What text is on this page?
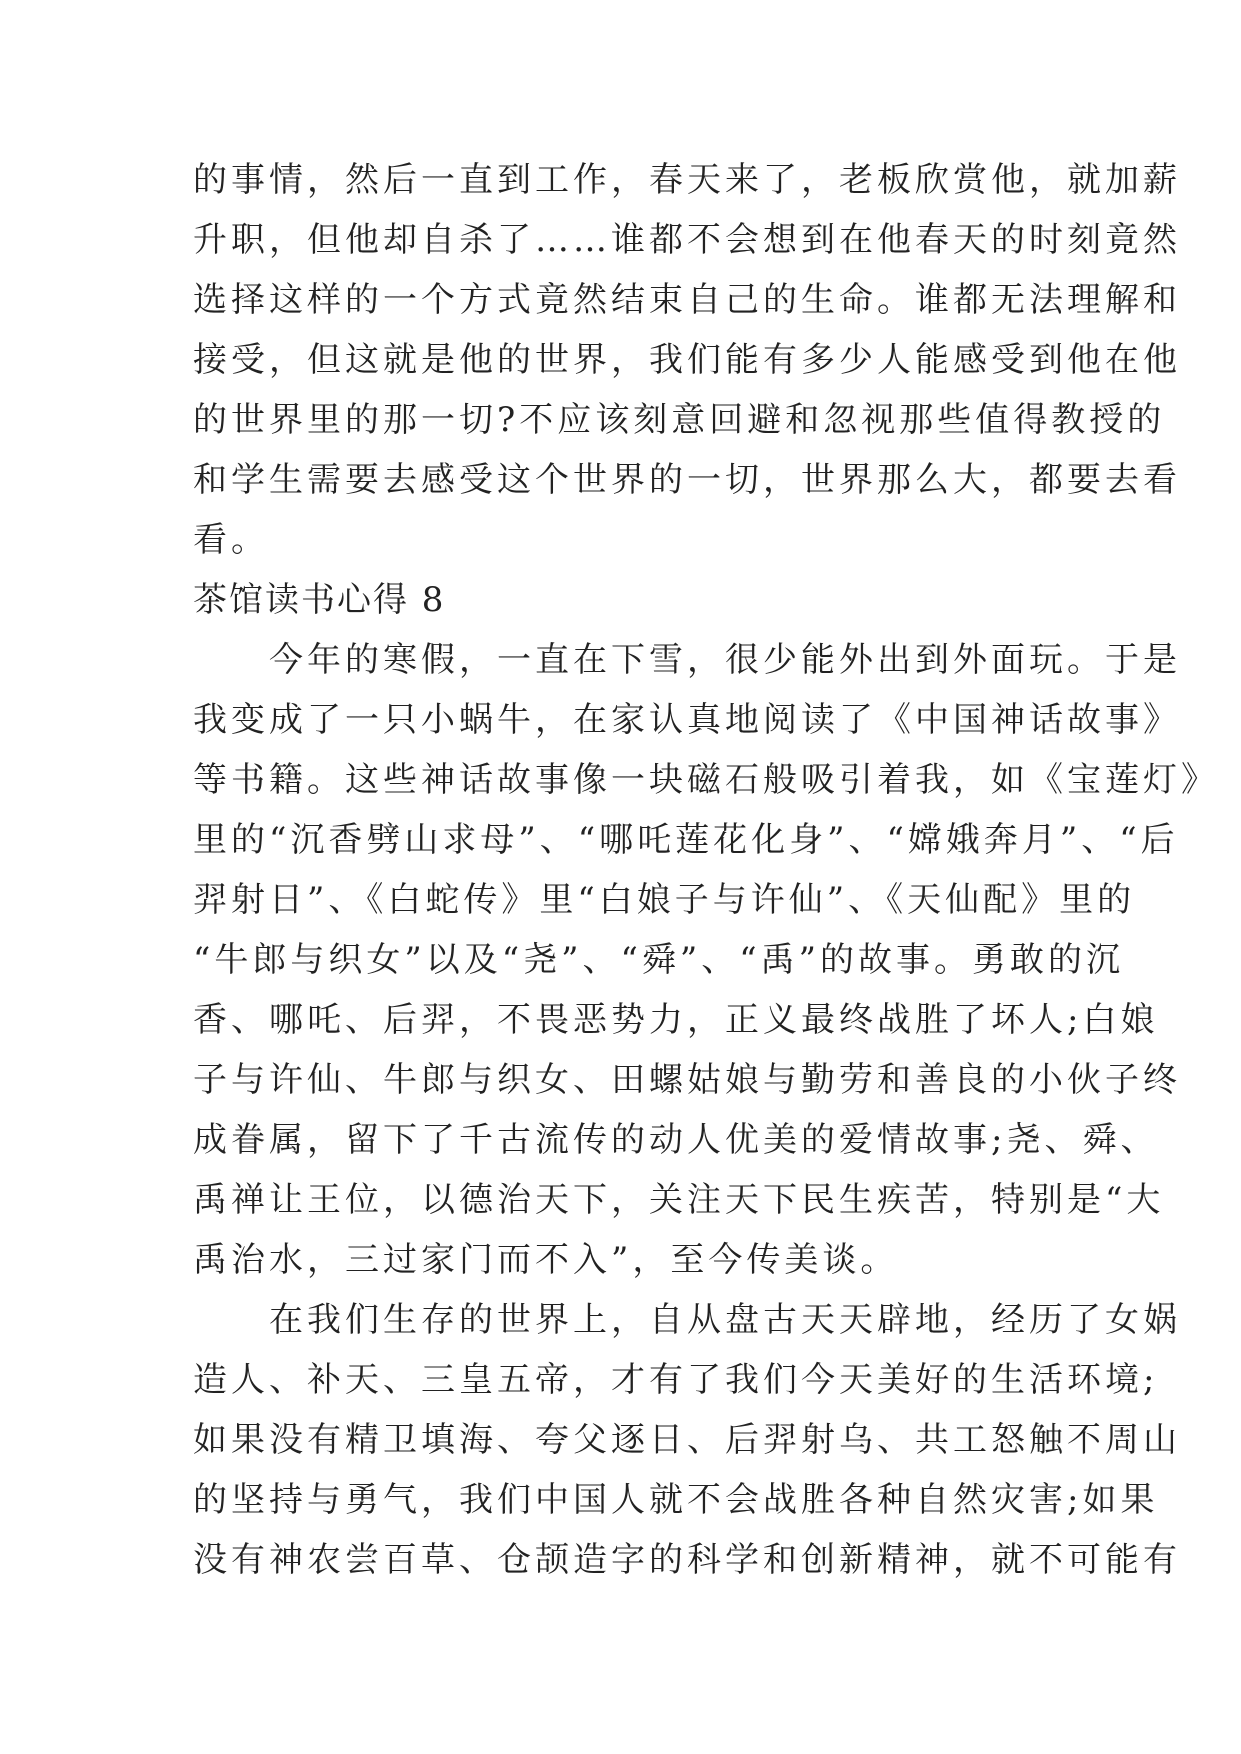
的事情，然后一直到工作，春天来了，老板欣赏他，就加薪
升职，但他却自杀了……谁都不会想到在他春天的时刻竟然
选择这样的一个方式竟然结束自己的生命。谁都无法理解和
接受，但这就是他的世界，我们能有多少人能感受到他在他
的世界里的那一切?不应该刻意回避和忽视那些值得教授的
和学生需要去感受这个世界的一切，世界那么大，都要去看
看。
茶馆读书心得 8
　　今年的寒假，一直在下雪，很少能外出到外面玩。于是
我变成了一只小蜗牛，在家认真地阅读了《中国神话故事》
等书籍。这些神话故事像一块磁石般吸引着我，如《宝莲灯》
里的“沉香劈山求母”、“哪吒莲花化身”、“嫦娥奔月”、“后
羿射日”、《白蛇传》里“白娘子与许仙”、《天仙配》里的
“牛郎与织女”以及“尧”、“舜”、“禹”的故事。勇敢的沉
香、哪吒、后羿，不畏恶势力，正义最终战胜了坏人;白娘
子与许仙、牛郎与织女、田螺姑娘与勤劳和善良的小伙子终
成眷属，留下了千古流传的动人优美的爱情故事;尧、舜、
禹禅让王位，以德治天下，关注天下民生疾苦，特别是“大
禹治水，三过家门而不入”，至今传美谈。
　　在我们生存的世界上，自从盘古天天辟地，经历了女娲
造人、补天、三皇五帝，才有了我们今天美好的生活环境;
如果没有精卫填海、夸父逐日、后羿射乌、共工怒触不周山
的坚持与勇气，我们中国人就不会战胜各种自然灾害;如果
没有神农尝百草、仓颉造字的科学和创新精神，就不可能有
